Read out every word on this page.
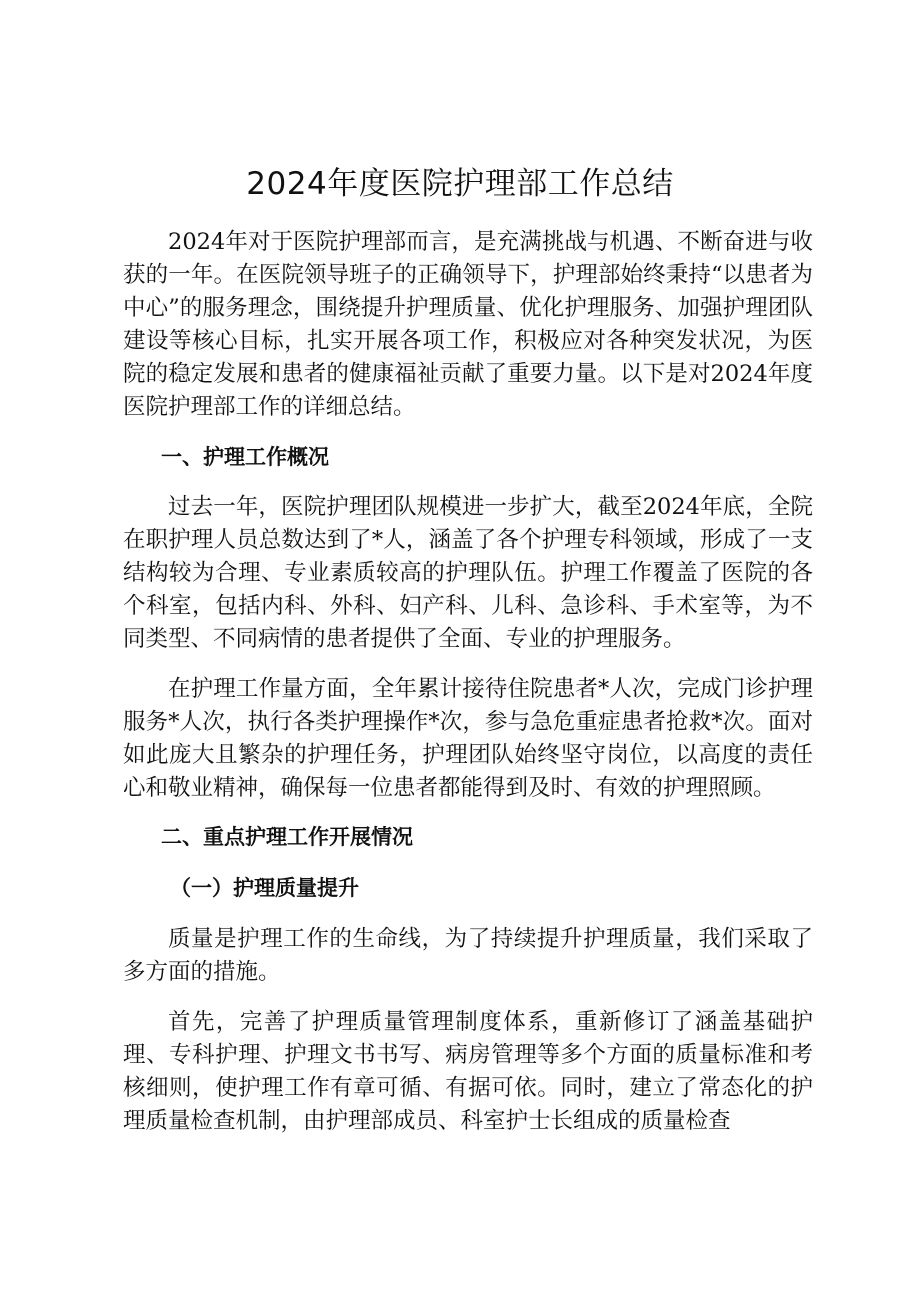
2024年度医院护理部工作总结

2024年对于医院护理部而言，是充满挑战与机遇、不断奋进与收获的一年。在医院领导班子的正确领导下，护理部始终秉持“以患者为中心”的服务理念，围绕提升护理质量、优化护理服务、加强护理团队建设等核心目标，扎实开展各项工作，积极应对各种突发状况，为医院的稳定发展和患者的健康福祉贡献了重要力量。以下是对2024年度医院护理部工作的详细总结。

一、护理工作概况

过去一年，医院护理团队规模进一步扩大，截至2024年底，全院在职护理人员总数达到了*人，涵盖了各个护理专科领域，形成了一支结构较为合理、专业素质较高的护理队伍。护理工作覆盖了医院的各个科室，包括内科、外科、妇产科、儿科、急诊科、手术室等，为不同类型、不同病情的患者提供了全面、专业的护理服务。

在护理工作量方面，全年累计接待住院患者*人次，完成门诊护理服务*人次，执行各类护理操作*次，参与急危重症患者抢救*次。面对如此庞大且繁杂的护理任务，护理团队始终坚守岗位，以高度的责任心和敬业精神，确保每一位患者都能得到及时、有效的护理照顾。

二、重点护理工作开展情况
（一）护理质量提升

质量是护理工作的生命线，为了持续提升护理质量，我们采取了多方面的措施。

首先，完善了护理质量管理制度体系，重新修订了涵盖基础护理、专科护理、护理文书书写、病房管理等多个方面的质量标准和考核细则，使护理工作有章可循、有据可依。同时，建立了常态化的护理质量检查机制，由护理部成员、科室护士长组成的质量检查
